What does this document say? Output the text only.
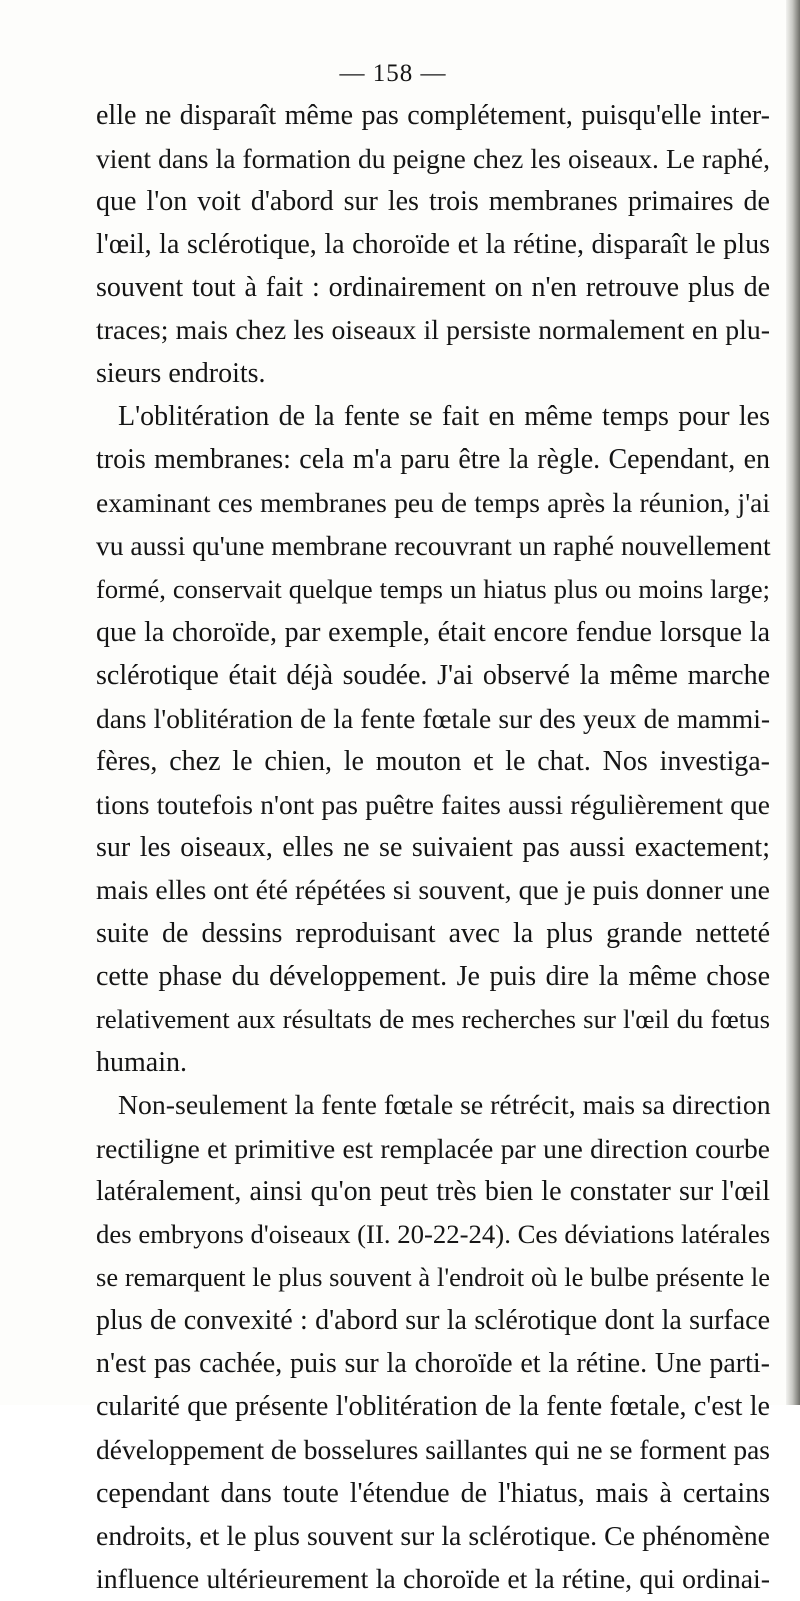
— 158 —
elle ne disparaît même pas complétement, puisqu'elle inter-
vient dans la formation du peigne chez les oiseaux. Le raphé,
que l'on voit d'abord sur les trois membranes primaires de
l'œil, la sclérotique, la choroïde et la rétine, disparaît le plus
souvent tout à fait : ordinairement on n'en retrouve plus de
traces; mais chez les oiseaux il persiste normalement en plu-
sieurs endroits.
L'oblitération de la fente se fait en même temps pour les
trois membranes: cela m'a paru être la règle. Cependant, en
examinant ces membranes peu de temps après la réunion, j'ai
vu aussi qu'une membrane recouvrant un raphé nouvellement
formé, conservait quelque temps un hiatus plus ou moins large;
que la choroïde, par exemple, était encore fendue lorsque la
sclérotique était déjà soudée. J'ai observé la même marche
dans l'oblitération de la fente fœtale sur des yeux de mammi-
fères, chez le chien, le mouton et le chat. Nos investiga-
tions toutefois n'ont pas puêtre faites aussi régulièrement que
sur les oiseaux, elles ne se suivaient pas aussi exactement;
mais elles ont été répétées si souvent, que je puis donner une
suite de dessins reproduisant avec la plus grande netteté
cette phase du développement. Je puis dire la même chose
relativement aux résultats de mes recherches sur l'œil du fœtus
humain.
Non-seulement la fente fœtale se rétrécit, mais sa direction
rectiligne et primitive est remplacée par une direction courbe
latéralement, ainsi qu'on peut très bien le constater sur l'œil
des embryons d'oiseaux (II. 20-22-24). Ces déviations latérales
se remarquent le plus souvent à l'endroit où le bulbe présente le
plus de convexité : d'abord sur la sclérotique dont la surface
n'est pas cachée, puis sur la choroïde et la rétine. Une parti-
cularité que présente l'oblitération de la fente fœtale, c'est le
développement de bosselures saillantes qui ne se forment pas
cependant dans toute l'étendue de l'hiatus, mais à certains
endroits, et le plus souvent sur la sclérotique. Ce phénomène
influence ultérieurement la choroïde et la rétine, qui ordinai-
